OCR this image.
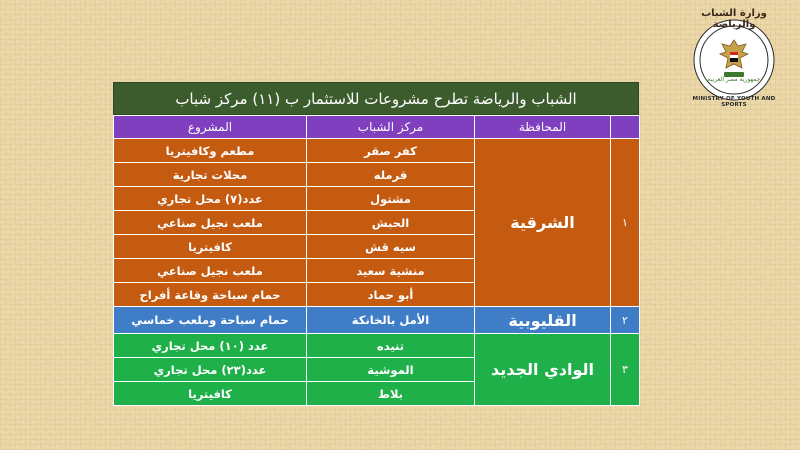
وزارة الشباب والرياضة
جمهورية مصر العربية
MINISTRY OF YOUTH AND SPORTS
الشباب والرياضة تطرح مشروعات للاستثمار ب (١١) مركز شباب
	المحافظة	مركز الشباب	المشروع
١	الشرقية	كفر صقر	مطعم وكافيتريا
		قرمله	محلات تجارية
		مشتول	عدد(٧) محل تجاري
		الحبش	ملعب نجيل صناعي
		سيه قش	كافيتريا
		منشية سعيد	ملعب نجيل صناعي
		أبو حماد	حمام سباحة وقاعة أفراح
٢	القليوبية	الأمل بالخانكة	حمام سباحة وملعب خماسي
٣	الوادي الجديد	تنيده	عدد (١٠) محل تجاري
		الموشية	عدد(٢٣) محل تجاري
		بلاط	كافيتريا
